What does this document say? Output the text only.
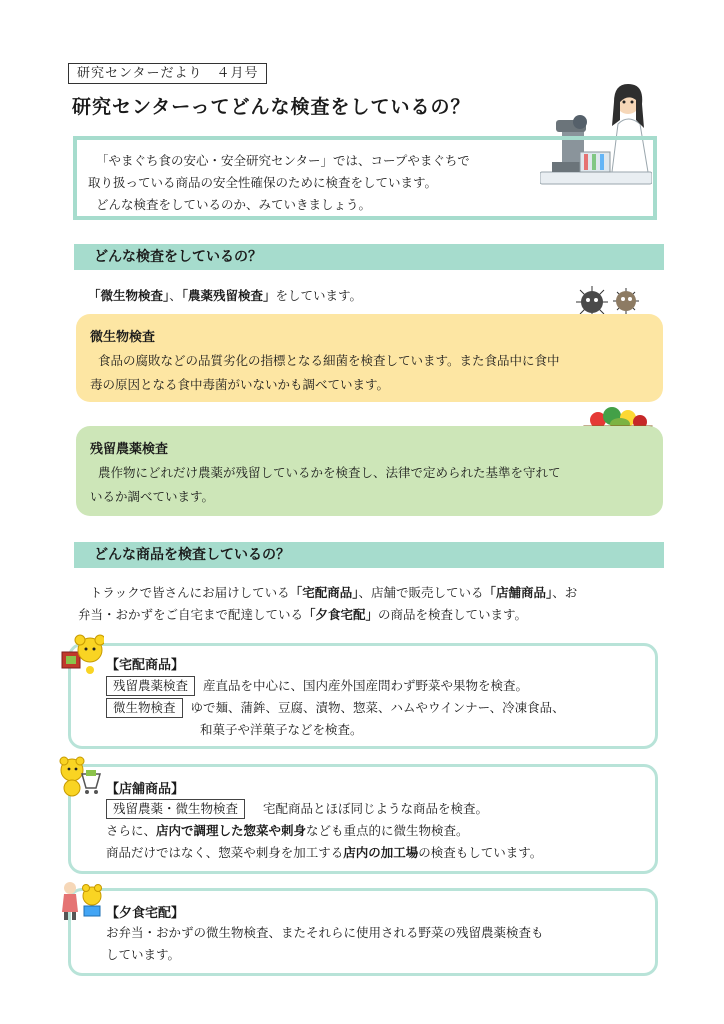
研究センターだより　４月号
研究センターってどんな検査をしているの？
「やまぐち食の安心・安全研究センター」では、コープやまぐちで
取り扱っている商品の安全性確保のために検査をしています。
どんな検査をしているのか、みていきましょう。
どんな検査をしているの？
「微生物検査」、「農薬残留検査」をしています。
微生物検査
食品の腐敗などの品質劣化の指標となる細菌を検査しています。また食品中に食中
毒の原因となる食中毒菌がいないかも調べています。
残留農薬検査
農作物にどれだけ農薬が残留しているかを検査し、法律で定められた基準を守れて
いるか調べています。
どんな商品を検査しているの？
トラックで皆さんにお届けしている「宅配商品」、店舗で販売している「店舗商品」、お
弁当・おかずをご自宅まで配達している「夕食宅配」の商品を検査しています。
【宅配商品】
残留農薬検査 産直品を中心に、国内産外国産問わず野菜や果物を検査。
微生物検査 ゆで麺、蒲鉾、豆腐、漬物、惣菜、ハムやウインナー、冷凍食品、
和菓子や洋菓子などを検査。
【店舗商品】
残留農薬・微生物検査 宅配商品とほぼ同じような商品を検査。
さらに、店内で調理した惣菜や刺身なども重点的に微生物検査。
商品だけではなく、惣菜や刺身を加工する店内の加工場の検査もしています。
【夕食宅配】
お弁当・おかずの微生物検査、またそれらに使用される野菜の残留農薬検査も
しています。
